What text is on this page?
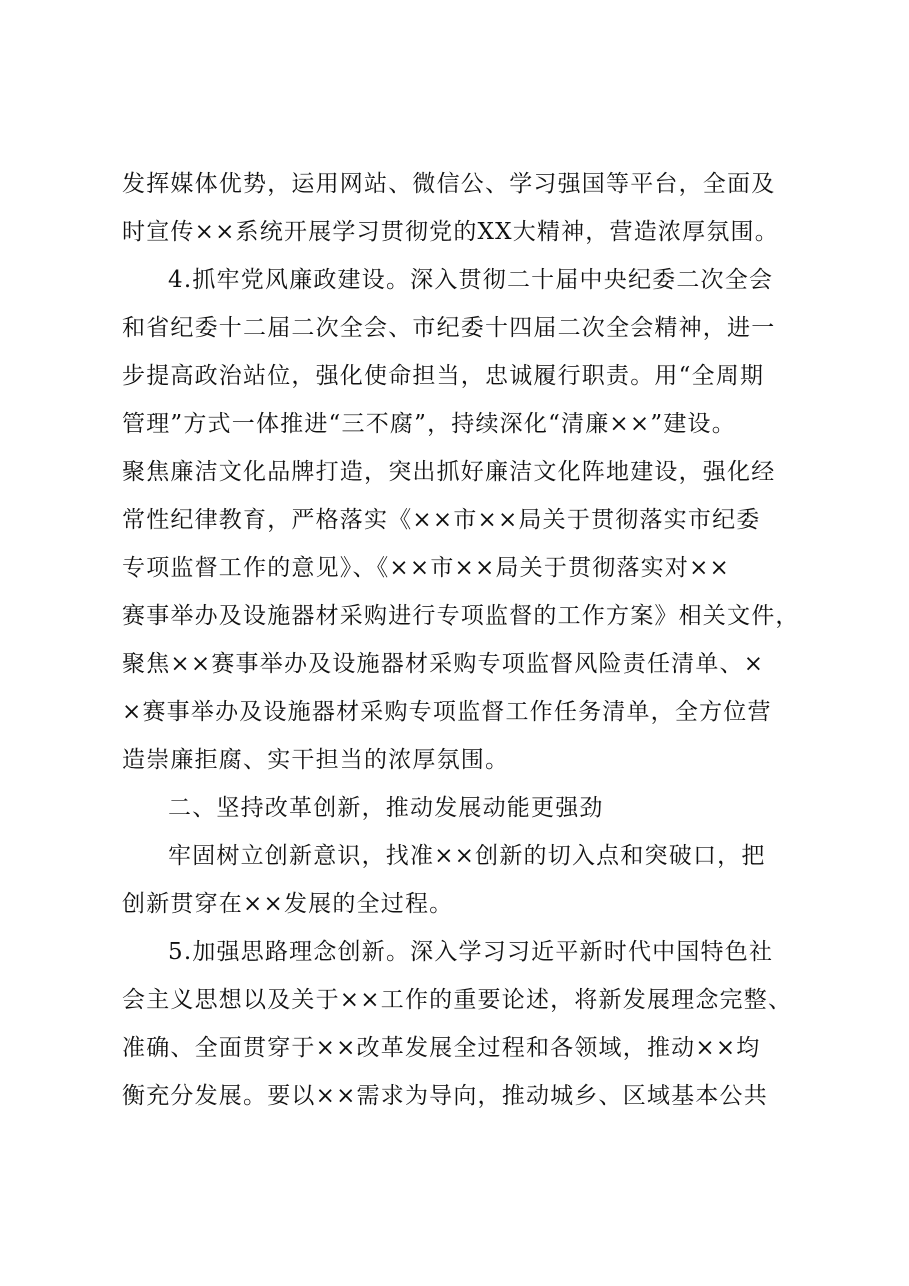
发挥媒体优势，运用网站、微信公、学习强国等平台，全面及
时宣传××系统开展学习贯彻党的XX大精神，营造浓厚氛围。
4.抓牢党风廉政建设。深入贯彻二十届中央纪委二次全会
和省纪委十二届二次全会、市纪委十四届二次全会精神，进一
步提高政治站位，强化使命担当，忠诚履行职责。用“全周期
管理”方式一体推进“三不腐”，持续深化“清廉××”建设。
聚焦廉洁文化品牌打造，突出抓好廉洁文化阵地建设，强化经
常性纪律教育，严格落实《××市××局关于贯彻落实市纪委
专项监督工作的意见》、《××市××局关于贯彻落实对××
赛事举办及设施器材采购进行专项监督的工作方案》相关文件，
聚焦××赛事举办及设施器材采购专项监督风险责任清单、×
×赛事举办及设施器材采购专项监督工作任务清单，全方位营
造崇廉拒腐、实干担当的浓厚氛围。
二、坚持改革创新，推动发展动能更强劲
牢固树立创新意识，找准××创新的切入点和突破口，把
创新贯穿在××发展的全过程。
5.加强思路理念创新。深入学习习近平新时代中国特色社
会主义思想以及关于××工作的重要论述，将新发展理念完整、
准确、全面贯穿于××改革发展全过程和各领域，推动××均
衡充分发展。要以××需求为导向，推动城乡、区域基本公共
